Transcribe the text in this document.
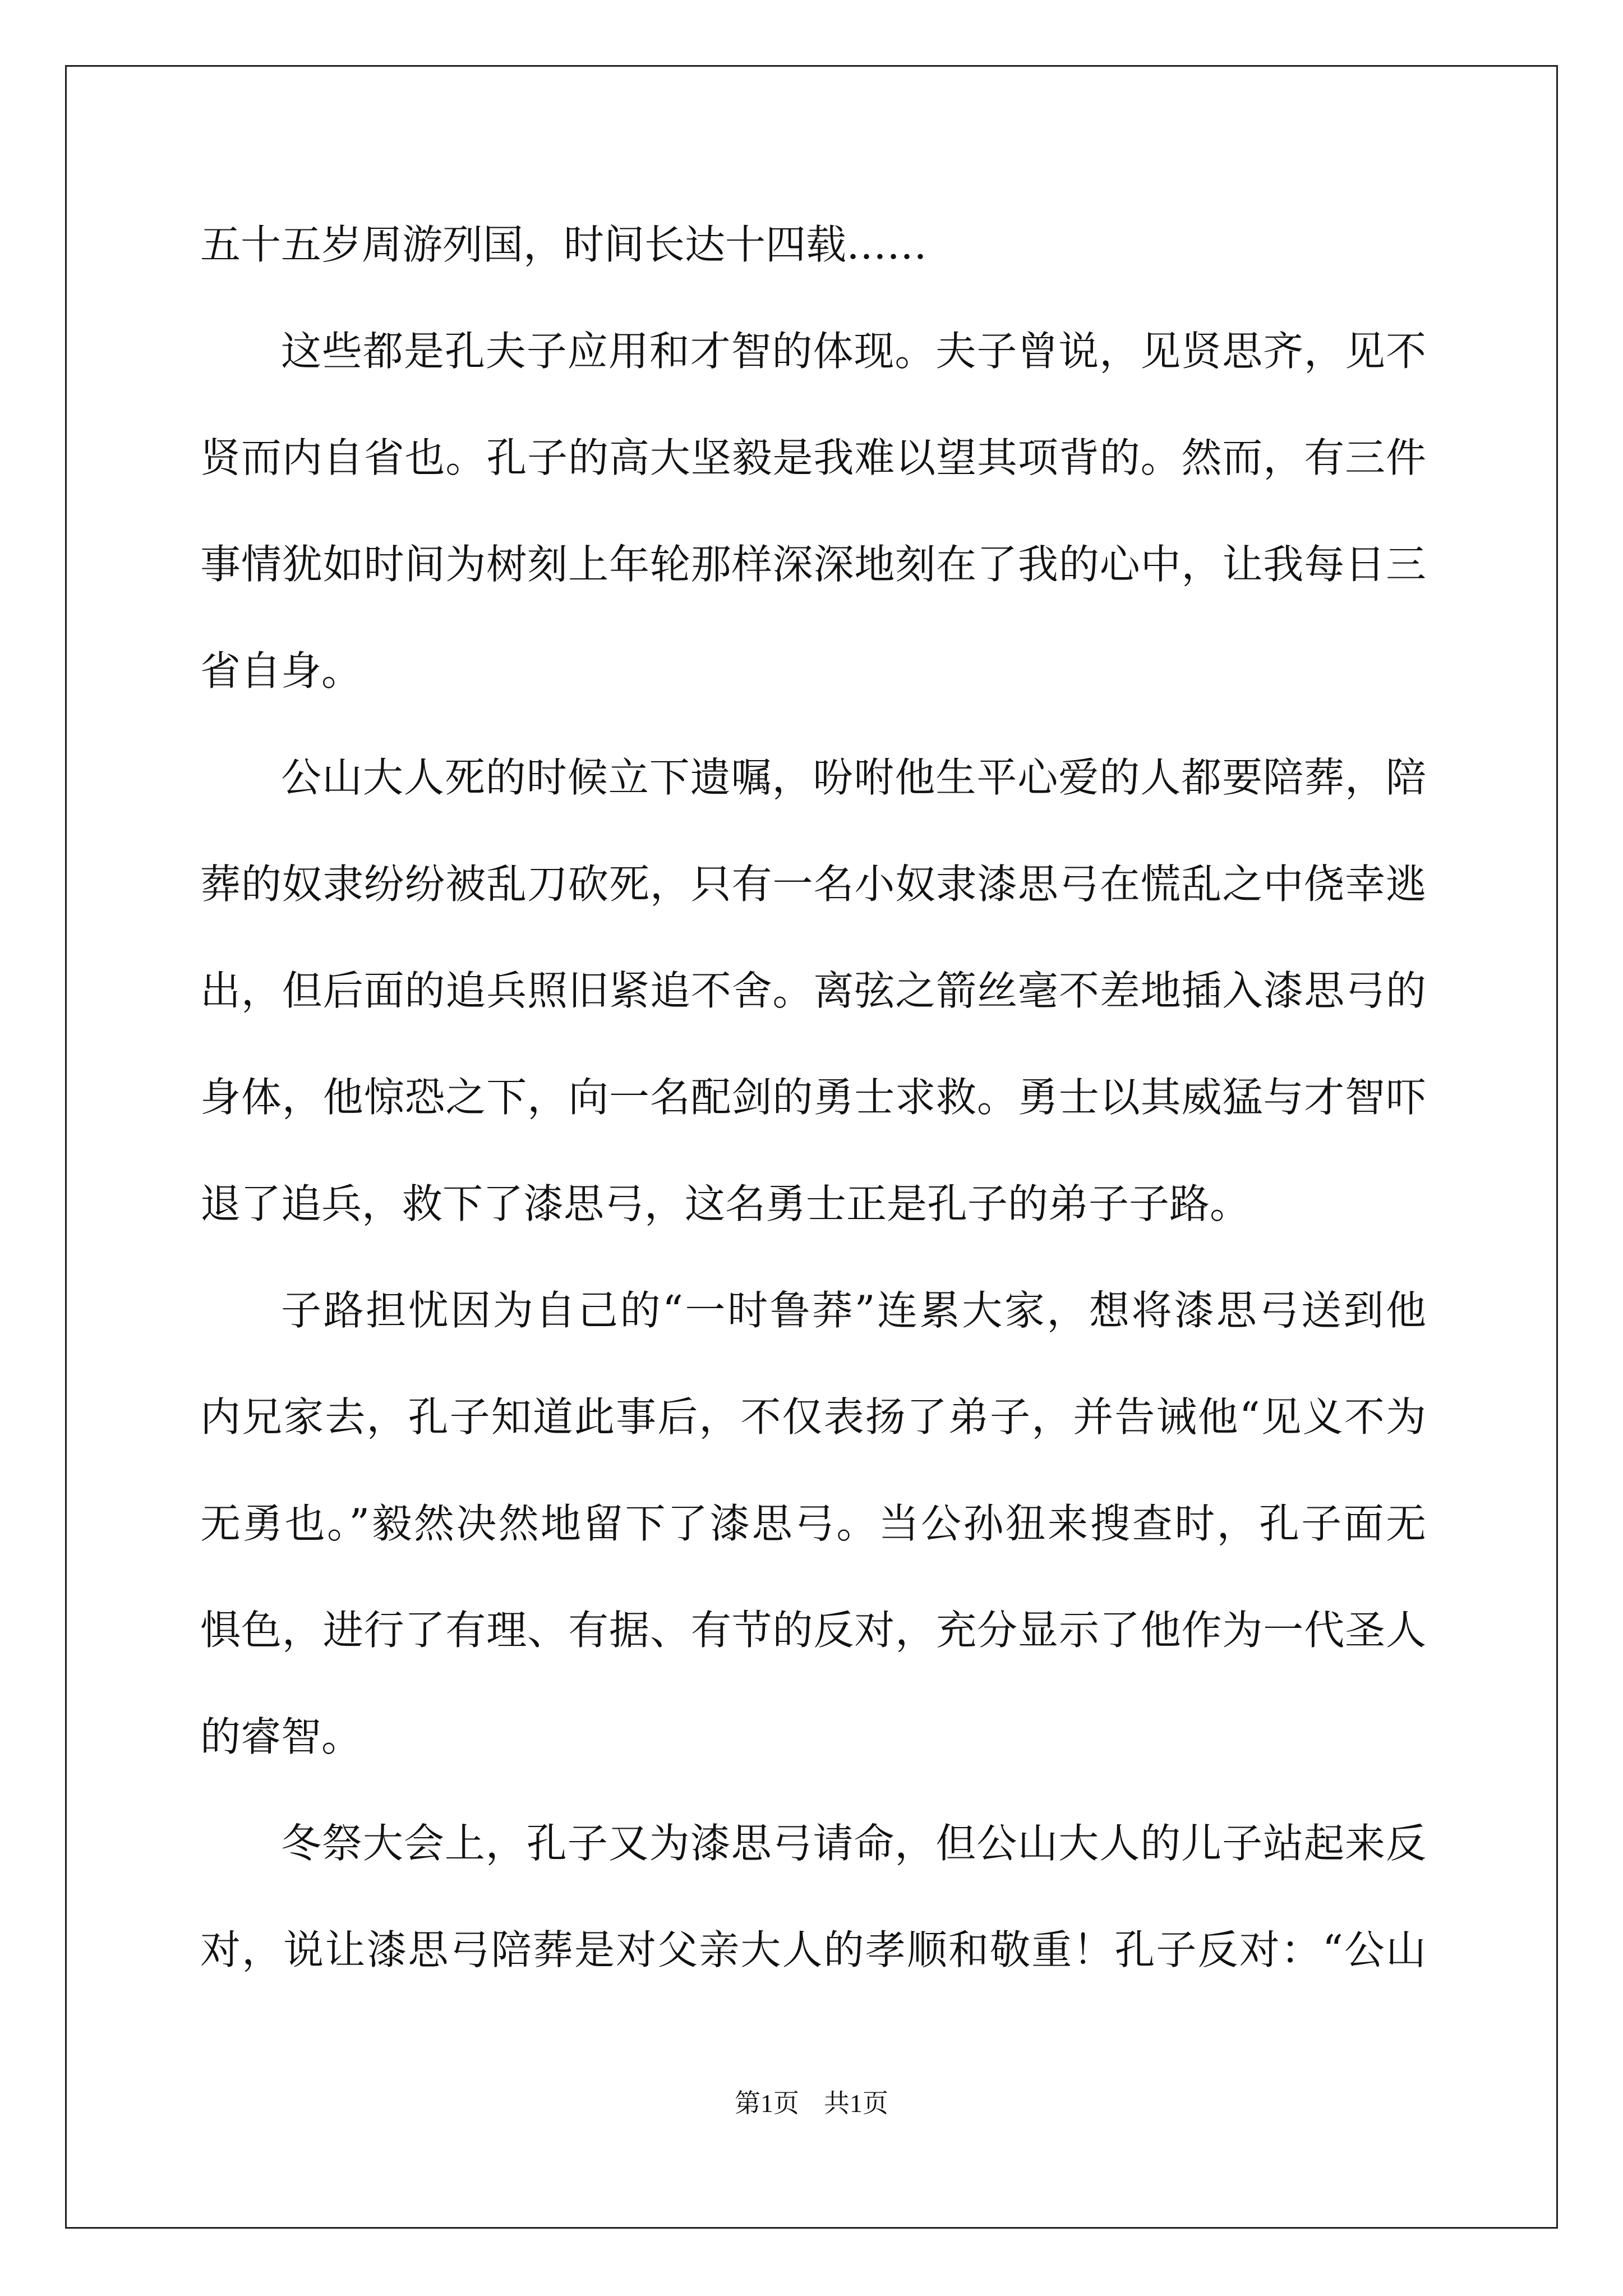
五十五岁周游列国，时间长达十四载……
这些都是孔夫子应用和才智的体现。夫子曾说，见贤思齐，见不
贤而内自省也。孔子的高大坚毅是我难以望其项背的。然而，有三件
事情犹如时间为树刻上年轮那样深深地刻在了我的心中，让我每日三
省自身。
公山大人死的时候立下遗嘱，吩咐他生平心爱的人都要陪葬，陪
葬的奴隶纷纷被乱刀砍死，只有一名小奴隶漆思弓在慌乱之中侥幸逃
出，但后面的追兵照旧紧追不舍。离弦之箭丝毫不差地插入漆思弓的
身体，他惊恐之下，向一名配剑的勇士求救。勇士以其威猛与才智吓
退了追兵，救下了漆思弓，这名勇士正是孔子的弟子子路。
子路担忧因为自己的“一时鲁莽”连累大家，想将漆思弓送到他
内兄家去，孔子知道此事后，不仅表扬了弟子，并告诫他“见义不为
无勇也。”毅然决然地留下了漆思弓。当公孙狃来搜查时，孔子面无
惧色，进行了有理、有据、有节的反对，充分显示了他作为一代圣人
的睿智。
冬祭大会上，孔子又为漆思弓请命，但公山大人的儿子站起来反
对，说让漆思弓陪葬是对父亲大人的孝顺和敬重！孔子反对：“公山
第1页 共1页
